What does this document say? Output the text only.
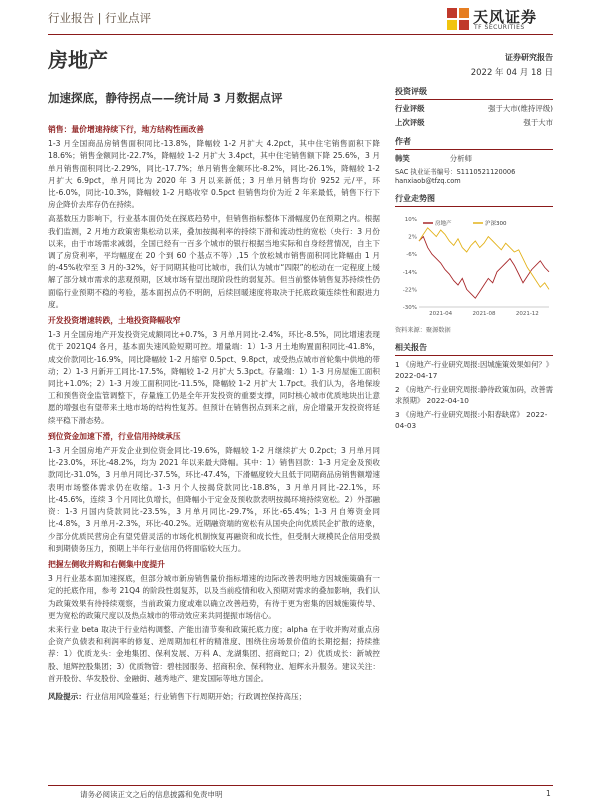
行业报告 | 行业点评	天风证券
TF SECURITIES
房地产
加速探底，静待拐点——统计局 3 月数据点评

销售：量价增速持续下行，地方结构性画改善

1-3 月全国商品房销售面积同比-13.8%，降幅较 1-2 月扩大 4.2pct，其中住宅销售面积下降 18.6%；销售金额同比-22.7%，降幅较 1-2 月扩大 3.4pct，其中住宅销售额下降 25.6%，3 月单月销售面积同比-2.29%，同比-17.7%；单月销售金额环比-8.2%，同比-26.1%，降幅较 1-2 月扩大 6.9pct，单月同比为 2020 年 3 月以来新低；3 月单月销售均价 9252 元/平，环比-6.0%，同比-10.3%，降幅较 1-2 月略收窄 0.5pct 但销售均价为近 2 年来最低，销售下行下房企降价去库存仍在持续。

高基数压力影响下，行业基本面仍处在探底趋势中，但销售指标整体下滑幅度仍在预期之内。根据我们监测，2 月地方政策密集松动以来，叠加按揭利率的持续下滑和流动性的宽松（央行：3 月份以来，由于市场需求减弱，全国已经有一百多个城市的银行根据当地实际和自身经营情况，自主下调了房贷利率，平均幅度在 20 个到 60 个基点不等）,15 个放松城市销售面积同比降幅由 1 月的-45%收窄至 3 月的-32%，好于同期其他可比城市，我们认为城市“四限”的松动在一定程度上缓解了部分城市需求的悲观预期，区域市场有望出现阶段性的弱复苏。但当前整体销售复苏持续性仍面临行业预期不稳的考验，基本面拐点仍不明朗，后续回暖速度将取决于托底政策连续性和跟进力度。

开发投资增速转跌，土地投资降幅收窄

1-3 月全国房地产开发投资完成额同比+0.7%，3 月单月同比-2.4%，环比-8.5%，同比增速表现优于 2021Q4 各月，基本面失速风险短期可控。增量端：1）1-3 月土地购置面积同比-41.8%，成交价款同比-16.9%，同比降幅较 1-2 月缩窄 0.5pct、9.8pct，或受热点城市首轮集中供地的带动；2）1-3 月新开工同比-17.5%，降幅较 1-2 月扩大 5.3pct。存量端：1）1-3 月房屋施工面积同比+1.0%；2）1-3 月竣工面积同比-11.5%，降幅较 1-2 月扩大 1.7pct。我们认为，各地保竣工和预售资金监管调整下，存量施工仍是全年开发投资的重要支撑，同时核心城市优质地块出让意愿的增强也有望带来土地市场的结构性复苏。但预计在销售拐点到来之前，房企增量开发投资将延续平稳下滑态势。

到位资金加速下滑，行业信用持续承压

1-3 月全国房地产开发企业到位资金同比-19.6%，降幅较 1-2 月继续扩大 0.2pct；3 月单月同比-23.0%，环比-48.2%，均为 2021 年以来最大降幅。其中：1）销售回款：1-3 月定金及预收款同比-31.0%，3 月单月同比-37.5%，环比-47.4%，下滑幅度较大且低于同期商品房销售额增速表明市场整体需求仍在收缩。1-3 月个人按揭贷款同比-18.8%，3 月单月同比-22.1%，环比-45.6%，连续 3 个月同比负增长，但降幅小于定金及预收款表明按揭环境持续宽松。2）外部融资：1-3 月国内贷款同比-23.5%，3 月单月同比-29.7%，环比-65.4%；1-3 月自筹资金同比-4.8%，3 月单月-2.3%，环比-40.2%。近期融资端的宽松有从国央企向优质民企扩散的迹象，少部分优质民营房企有望凭借灵活的市场化机制恢复再融资和成长性，但受制大规模民企信用受损和到期债务压力，预期上半年行业信用仍将面临较大压力。

把握左侧收并购和右侧集中度提升

3 月行业基本面加速探底，但部分城市新房销售量价指标增速的边际改善表明地方因城施策确有一定的托底作用，参考 21Q4 的阶段性弱复苏，以及当前疫情和收入预期对需求的叠加影响，我们认为政策效果有待持续观察，当前政策力度或难以确立改善趋势，有待于更为密集的因城施策传导、更为宽松的政策尺度以及热点城市的带动效应来共同提振市场信心。

未来行业 beta 取决于行业结构调整、产能出清节奏和政策托底力度；alpha 在于收并购对重点房企资产负债表和利润率的修复、逆周期加杠杆的精准度、围绕住房场景价值的长期挖掘；持续推荐：1）优质龙头：金地集团、保利发展、万科 A、龙湖集团、招商蛇口；2）优质成长：新城控股、旭辉控股集团；3）优质物管：碧桂园服务、招商积余、保利物业、旭辉永升服务。建议关注：首开股份、华发股份、金融街、越秀地产、建发国际等地方国企。

风险提示：行业信用风险蔓延；行业销售下行周期开始；行政调控保持高压；

证券研究报告
2022 年 04 月 18 日
投资评级
行业评级	强于大市(维持评级)
上次评级	强于大市
作者
韩笑	分析师
SAC 执业证书编号：S1110521120006
hanxiaob@tfzq.com
行业走势图
10%
2%
-6%
-14%
-22%
-30%
2021-04	2021-08	2021-12
房地产	沪深300
资料来源：聚源数据
相关报告
1 《房地产-行业研究周报:因城施策效果如何？》 2022-04-17
2 《房地产-行业研究周报:静待政策加码，改善需求预期》 2022-04-10
3 《房地产-行业研究周报:小阳春缺席》 2022-04-03
请务必阅读正文之后的信息披露和免责申明	1
